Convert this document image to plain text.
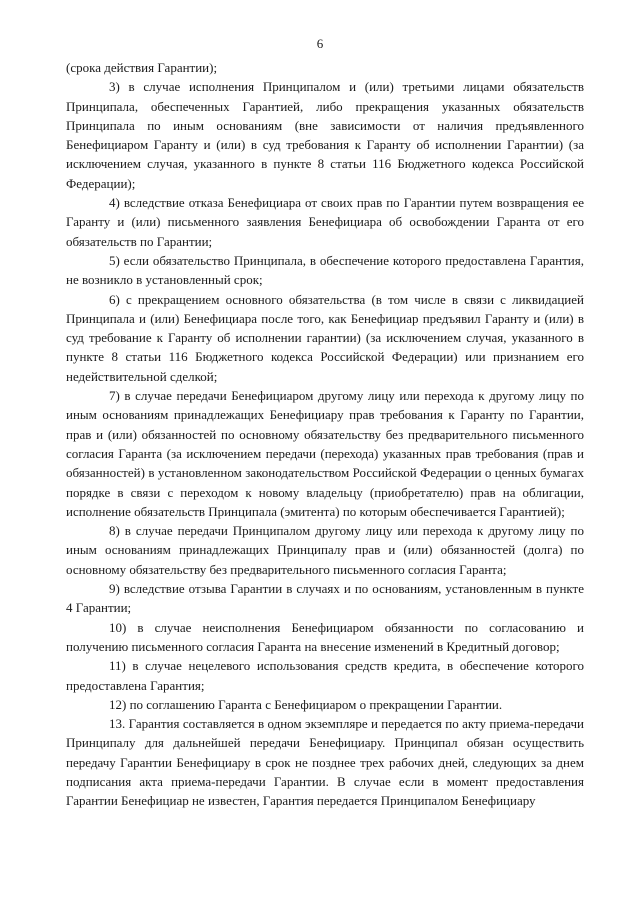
6

(срока действия Гарантии);

3) в случае исполнения Принципалом и (или) третьими лицами обязательств Принципала, обеспеченных Гарантией, либо прекращения указанных обязательств Принципала по иным основаниям (вне зависимости от наличия предъявленного Бенефициаром Гаранту и (или) в суд требования к Гаранту об исполнении Гарантии) (за исключением случая, указанного в пункте 8 статьи 116 Бюджетного кодекса Российской Федерации);

4) вследствие отказа Бенефициара от своих прав по Гарантии путем возвращения ее Гаранту и (или) письменного заявления Бенефициара об освобождении Гаранта от его обязательств по Гарантии;

5) если обязательство Принципала, в обеспечение которого предоставлена Гарантия, не возникло в установленный срок;

6) с прекращением основного обязательства (в том числе в связи с ликвидацией Принципала и (или) Бенефициара после того, как Бенефициар предъявил Гаранту и (или) в суд требование к Гаранту об исполнении гарантии) (за исключением случая, указанного в пункте 8 статьи 116 Бюджетного кодекса Российской Федерации) или признанием его недействительной сделкой;

7) в случае передачи Бенефициаром другому лицу или перехода к другому лицу по иным основаниям принадлежащих Бенефициару прав требования к Гаранту по Гарантии, прав и (или) обязанностей по основному обязательству без предварительного письменного согласия Гаранта (за исключением передачи (перехода) указанных прав требования (прав и обязанностей) в установленном законодательством Российской Федерации о ценных бумагах порядке в связи с переходом к новому владельцу (приобретателю) прав на облигации, исполнение обязательств Принципала (эмитента) по которым обеспечивается Гарантией);

8) в случае передачи Принципалом другому лицу или перехода к другому лицу по иным основаниям принадлежащих Принципалу прав и (или) обязанностей (долга) по основному обязательству без предварительного письменного согласия Гаранта;

9) вследствие отзыва Гарантии в случаях и по основаниям, установленным в пункте 4 Гарантии;

10) в случае неисполнения Бенефициаром обязанности по согласованию и получению письменного согласия Гаранта на внесение изменений в Кредитный договор;

11) в случае нецелевого использования средств кредита, в обеспечение которого предоставлена Гарантия;

12) по соглашению Гаранта с Бенефициаром о прекращении Гарантии.

13. Гарантия составляется в одном экземпляре и передается по акту приема-передачи Принципалу для дальнейшей передачи Бенефициару. Принципал обязан осуществить передачу Гарантии Бенефициару в срок не позднее трех рабочих дней, следующих за днем подписания акта приема-передачи Гарантии. В случае если в момент предоставления Гарантии Бенефициар не известен, Гарантия передается Принципалом Бенефициару
